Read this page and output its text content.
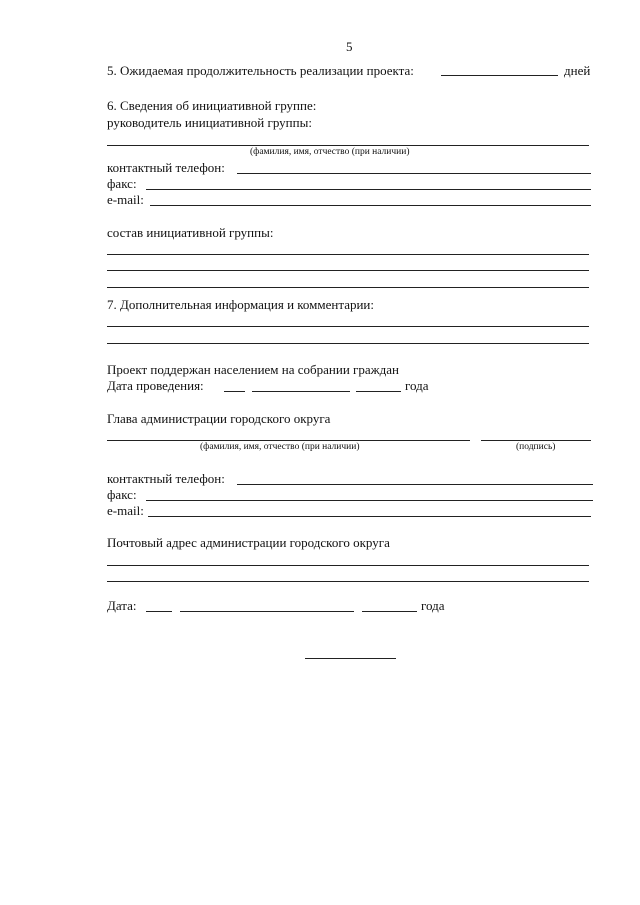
5
5. Ожидаемая продолжительность реализации проекта:	дней
6. Сведения об инициативной группе:
руководитель инициативной группы:
(фамилия, имя, отчество (при наличии)
контактный телефон:
факс:
e-mail:
состав инициативной группы:
7. Дополнительная информация и комментарии:
Проект поддержан населением на собрании граждан
Дата проведения:	года
Глава администрации городского округа
(фамилия, имя, отчество (при наличии)	(подпись)
контактный телефон:
факс:
e-mail:
Почтовый адрес администрации городского округа
Дата:	года
